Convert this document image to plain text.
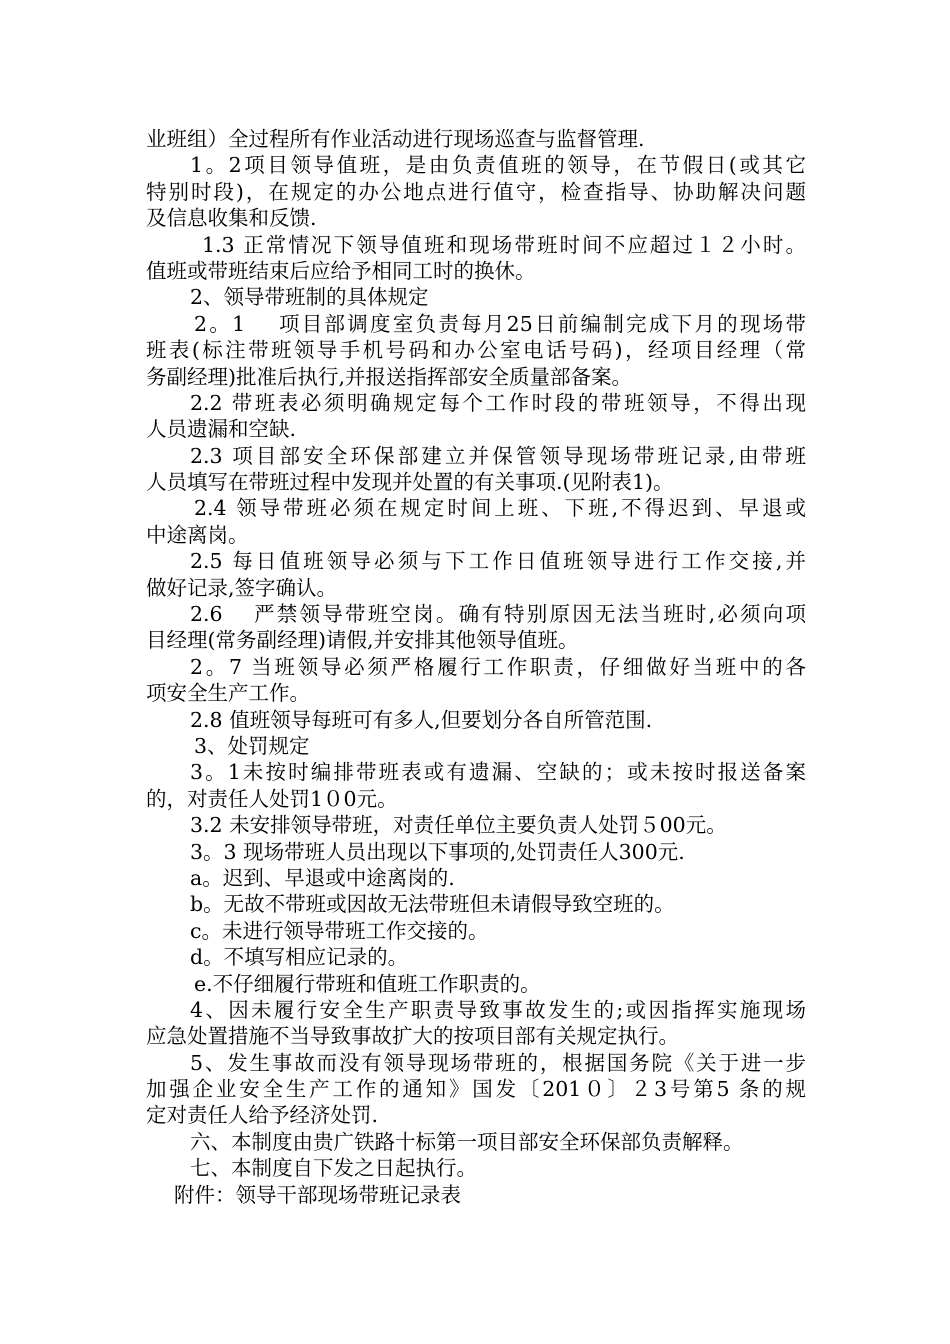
业班组）全过程所有作业活动进行现场巡查与监督管理.
1。2项目领导值班，是由负责值班的领导，在节假日(或其它
特别时段)，在规定的办公地点进行值守，检查指导、协助解决问题
及信息收集和反馈.
1.3 正常情况下领导值班和现场带班时间不应超过１２小时。
值班或带班结束后应给予相同工时的换休。
2、领导带班制的具体规定
2。1　 项目部调度室负责每月25日前编制完成下月的现场带
班表(标注带班领导手机号码和办公室电话号码)，经项目经理（常
务副经理)批准后执行,并报送指挥部安全质量部备案。
2.2 带班表必须明确规定每个工作时段的带班领导，不得出现
人员遗漏和空缺.
2.3 项目部安全环保部建立并保管领导现场带班记录,由带班
人员填写在带班过程中发现并处置的有关事项.(见附表1)。
2.4 领导带班必须在规定时间上班、下班,不得迟到、早退或
中途离岗。
2.5 每日值班领导必须与下工作日值班领导进行工作交接,并
做好记录,签字确认。
2.6 　严禁领导带班空岗。确有特别原因无法当班时,必须向项
目经理(常务副经理)请假,并安排其他领导值班。
2。7 当班领导必须严格履行工作职责，仔细做好当班中的各
项安全生产工作。
2.8 值班领导每班可有多人,但要划分各自所管范围.
3、处罚规定
3。1未按时编排带班表或有遗漏、空缺的；或未按时报送备案
的，对责任人处罚1０0元。
3.2 未安排领导带班，对责任单位主要负责人处罚５00元。
3。3 现场带班人员出现以下事项的,处罚责任人300元.
a。迟到、早退或中途离岗的.
b。无故不带班或因故无法带班但未请假导致空班的。
c。未进行领导带班工作交接的。
d。不填写相应记录的。
e.不仔细履行带班和值班工作职责的。
4、因未履行安全生产职责导致事故发生的;或因指挥实施现场
应急处置措施不当导致事故扩大的按项目部有关规定执行。
5、发生事故而没有领导现场带班的，根据国务院《关于进一步
加强企业安全生产工作的通知》国发〔201０〕２3号第5 条的规
定对责任人给予经济处罚.
六、本制度由贵广铁路十标第一项目部安全环保部负责解释。
七、本制度自下发之日起执行。
附件：领导干部现场带班记录表
